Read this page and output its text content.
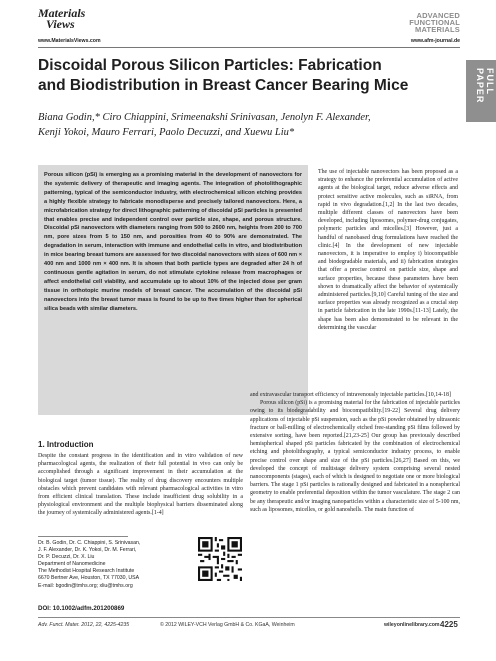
Materials
Views
www.MaterialsViews.com
ADVANCED
FUNCTIONAL
MATERIALS
www.afm-journal.de
FULL PAPER
Discoidal Porous Silicon Particles: Fabrication
and Biodistribution in Breast Cancer Bearing Mice
Biana Godin,* Ciro Chiappini, Srimeenakshi Srinivasan, Jenolyn F. Alexander,
Kenji Yokoi, Mauro Ferrari, Paolo Decuzzi, and Xuewu Liu*

Porous silicon (pSi) is emerging as a promising material in the development of nanovectors for the systemic delivery of therapeutic and imaging agents. The integration of photolithographic patterning, typical of the semiconductor industry, with electrochemical silicon etching provides a highly flexible strategy to fabricate monodisperse and precisely tailored nanovectors. Here, a microfabrication strategy for direct lithographic patterning of discoidal pSi particles is presented that enables precise and independent control over particle size, shape, and porous structure. Discoidal pSi nanovectors with diameters ranging from 500 to 2600 nm, heights from 200 to 700 nm, pore sizes from 5 to 150 nm, and porosities from 40 to 90% are demonstrated. The degradation in serum, interaction with immune and endothelial cells in vitro, and biodistribution in mice bearing breast tumors are assessed for two discoidal nanovectors with sizes of 600 nm × 400 nm and 1000 nm × 400 nm. It is shown that both particle types are degraded after 24 h of continuous gentle agitation in serum, do not stimulate cytokine release from macrophages or affect endothelial cell viability, and accumulate up to about 10% of the injected dose per gram tissue in orthotopic murine models of breast cancer. The accumulation of the discoidal pSi nanovectors into the breast tumor mass is found to be up to five times higher than for spherical silica beads with similar diameters.

The use of injectable nanovectors has been proposed as a strategy to enhance the preferential accumulation of active agents at the biological target, reduce adverse effects and protect sensitive active molecules, such as siRNA, from rapid in vivo degradation.[1,2] In the last two decades, multiple different classes of nanovectors have been developed, including liposomes, polymer-drug conjugates, polymeric particles and micelles.[3] However, just a handful of nanobased drug formulations have reached the clinic.[4] In the development of new injectable nanovectors, it is imperative to employ i) biocompatible and biodegradable materials, and ii) fabrication strategies that offer a precise control on particle size, shape and surface properties, because these parameters have been shown to dramatically affect the behavior of systemically administered particles.[9,10] Careful tuning of the size and surface properties was already recognized as a crucial step in particle fabrication in the late 1990s.[11-13] Lately, the shape has been also demonstrated to be relevant in the determining the vascular

and extravascular transport efficiency of intravenously injectable particles.[10,14-18]

Porous silicon (pSi) is a promising material for the fabrication of injectable particles owing to its biodegradability and biocompatibility.[19-22] Several drug delivery applications of injectable pSi suspension, such as the pSi powder obtained by ultrasonic fracture or ball-milling of electrochemically etched free-standing pSi films followed by extensive sorting, have been reported.[21,23-25] Our group has previously described hemispherical shaped pSi particles fabricated by the combination of electrochemical etching and photolithography, a typical semiconductor industry process, to enable precise control over shape and size of the pSi particles.[26,27] Based on this, we developed the concept of multistage delivery system comprising several nested nanocomponents (stages), each of which is designed to negotiate one or more biological barriers. The stage 1 pSi particles is rationally designed and fabricated in a nonspherical geometry to enable preferential deposition within the tumor vasculature. The stage 2 can be any therapeutic and/or imaging nanoparticles within a characteristic size of 5-100 nm, such as liposomes, micelles, or gold nanoshells. The main function of

1. Introduction
Despite the constant progress in the identification and in vitro validation of new pharmacological agents, the realization of their full potential in vivo can only be accomplished through a significant improvement in their accumulation at the biological target (tumor tissue). The reality of drug discovery encounters multiple obstacles which prevent candidates with relevant pharmacological activities in vitro from efficient clinical translation. These include insufficient drug solubility in a physiological environment and the multiple biophysical barriers disseminated along the journey of systemically administered agents.[1-4]
Dr. B. Godin, Dr. C. Chiappini, S. Srinivasan,
J. F. Alexander, Dr. K. Yokoi, Dr. M. Ferrari,
Dr. P. Decuzzi, Dr. X. Liu
Department of Nanomedicine
The Methodist Hospital Research Institute
6670 Bertner Ave, Houston, TX 77030, USA
E-mail: bgodin@tmhs.org; xliu@tmhs.org
DOI: 10.1002/adfm.201200869
Adv. Funct. Mater. 2012, 22, 4225-4235	© 2012 WILEY-VCH Verlag GmbH & Co. KGaA, Weinheim	wileyonlinelibrary.com 4225
